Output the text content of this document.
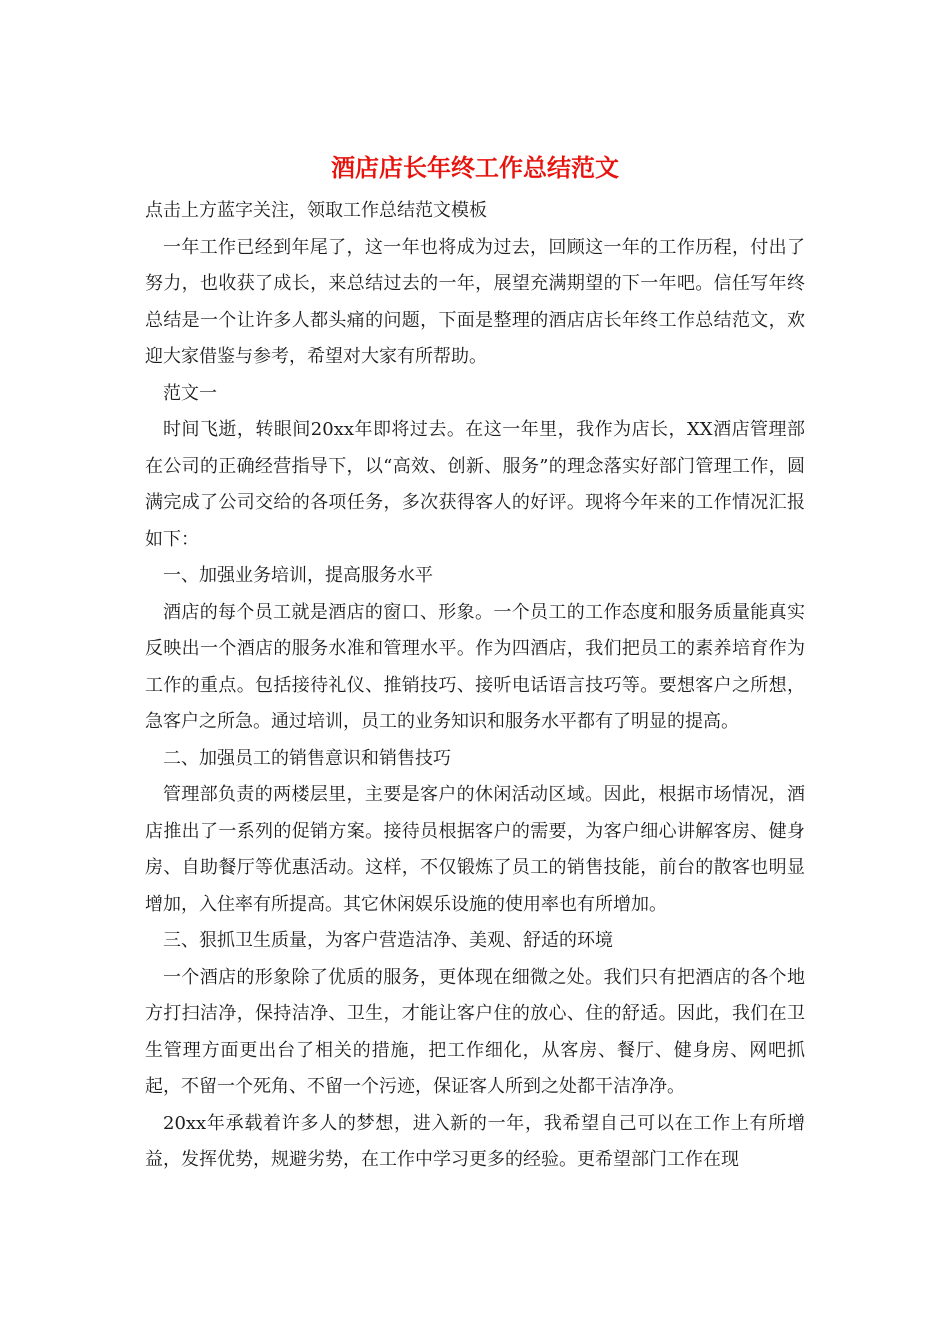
酒店店长年终工作总结范文

点击上方蓝字关注，领取工作总结范文模板

一年工作已经到年尾了，这一年也将成为过去，回顾这一年的工作历程，付出了努力，也收获了成长，来总结过去的一年，展望充满期望的下一年吧。信任写年终总结是一个让许多人都头痛的问题，下面是整理的酒店店长年终工作总结范文，欢迎大家借鉴与参考，希望对大家有所帮助。

范文一

时间飞逝，转眼间20xx年即将过去。在这一年里，我作为店长，XX酒店管理部在公司的正确经营指导下，以“高效、创新、服务”的理念落实好部门管理工作，圆满完成了公司交给的各项任务，多次获得客人的好评。现将今年来的工作情况汇报如下：

一、加强业务培训，提高服务水平

酒店的每个员工就是酒店的窗口、形象。一个员工的工作态度和服务质量能真实反映出一个酒店的服务水准和管理水平。作为四酒店，我们把员工的素养培育作为工作的重点。包括接待礼仪、推销技巧、接听电话语言技巧等。要想客户之所想，急客户之所急。通过培训，员工的业务知识和服务水平都有了明显的提高。

二、加强员工的销售意识和销售技巧

管理部负责的两楼层里，主要是客户的休闲活动区域。因此，根据市场情况，酒店推出了一系列的促销方案。接待员根据客户的需要，为客户细心讲解客房、健身房、自助餐厅等优惠活动。这样，不仅锻炼了员工的销售技能，前台的散客也明显增加，入住率有所提高。其它休闲娱乐设施的使用率也有所增加。

三、狠抓卫生质量，为客户营造洁净、美观、舒适的环境

一个酒店的形象除了优质的服务，更体现在细微之处。我们只有把酒店的各个地方打扫洁净，保持洁净、卫生，才能让客户住的放心、住的舒适。因此，我们在卫生管理方面更出台了相关的措施，把工作细化，从客房、餐厅、健身房、网吧抓起，不留一个死角、不留一个污迹，保证客人所到之处都干洁净净。

20xx年承载着许多人的梦想，进入新的一年，我希望自己可以在工作上有所增益，发挥优势，规避劣势，在工作中学习更多的经验。更希望部门工作在现
